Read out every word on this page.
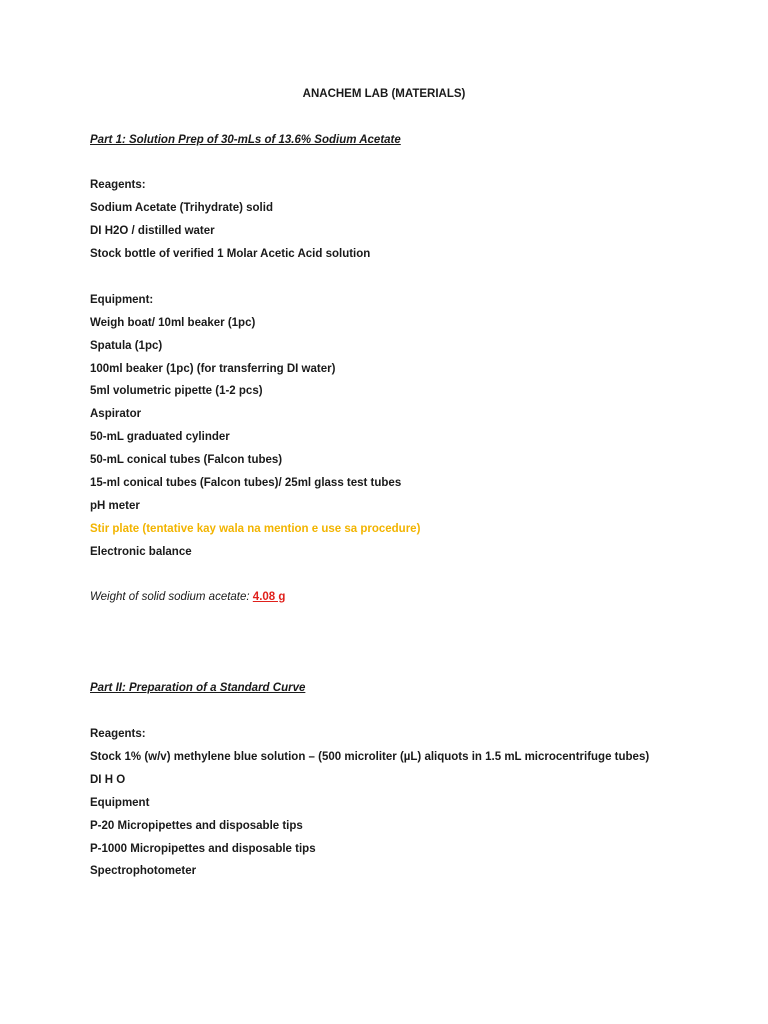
ANACHEM LAB (MATERIALS)
Part 1: Solution Prep of 30-mLs of 13.6% Sodium Acetate
Reagents:
Sodium Acetate (Trihydrate) solid
DI H2O / distilled water
Stock bottle of verified 1 Molar Acetic Acid solution
Equipment:
Weigh boat/ 10ml beaker (1pc)
Spatula (1pc)
100ml beaker (1pc) (for transferring DI water)
5ml volumetric pipette (1-2 pcs)
Aspirator
50-mL graduated cylinder
50-mL conical tubes (Falcon tubes)
15-ml conical tubes (Falcon tubes)/ 25ml glass test tubes
pH meter
Stir plate (tentative kay wala na mention e use sa procedure)
Electronic balance
Weight of solid sodium acetate: 4.08 g
Part II: Preparation of a Standard Curve
Reagents:
Stock 1% (w/v) methylene blue solution – (500 microliter (µL) aliquots in 1.5 mL microcentrifuge tubes)
DI H O
Equipment
P-20 Micropipettes and disposable tips
P-1000 Micropipettes and disposable tips
Spectrophotometer
